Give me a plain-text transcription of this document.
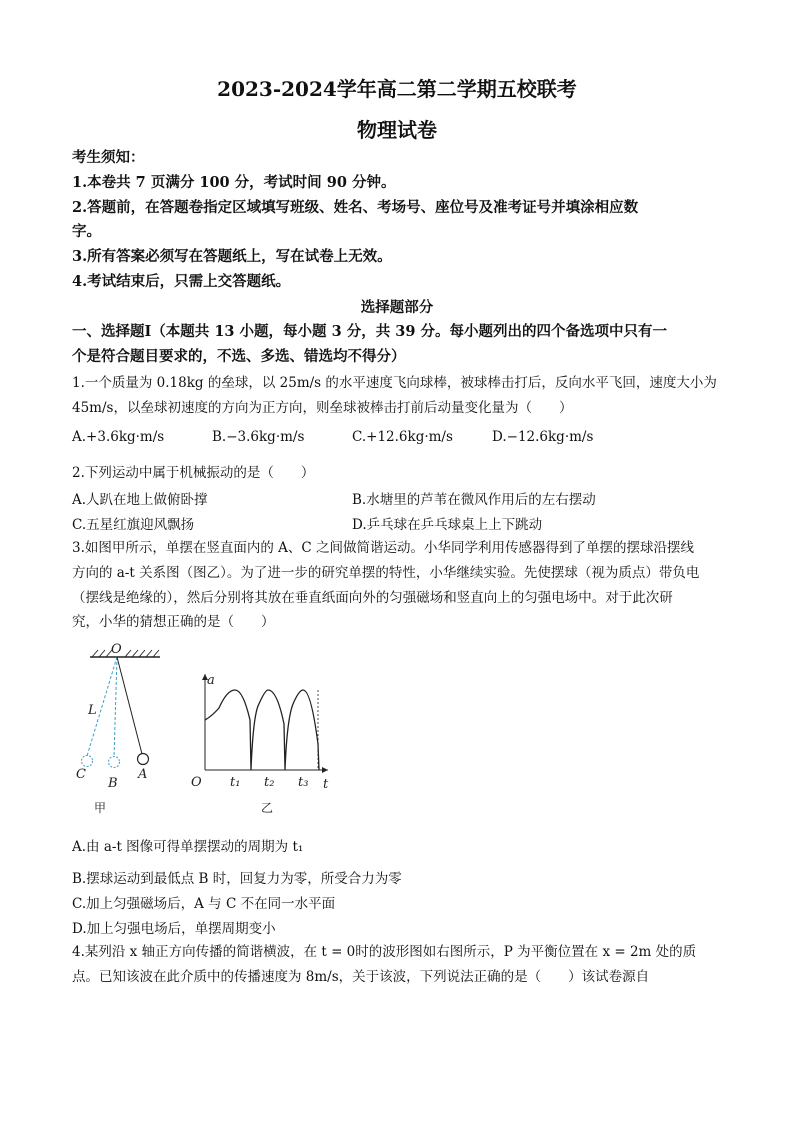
2023-2024学年高二第二学期五校联考
物理试卷
考生须知：
1.本卷共 7 页满分 100 分，考试时间 90 分钟。
2.答题前，在答题卷指定区域填写班级、姓名、考场号、座位号及准考证号并填涂相应数
字。
3.所有答案必须写在答题纸上，写在试卷上无效。
4.考试结束后，只需上交答题纸。
选择题部分
一、选择题Ⅰ（本题共 13 小题，每小题 3 分，共 39 分。每小题列出的四个备选项中只有一
个是符合题目要求的，不选、多选、错选均不得分）
1.一个质量为 0.18kg 的垒球，以 25m/s 的水平速度飞向球棒，被球棒击打后，反向水平飞回，速度大小为
45m/s，以垒球初速度的方向为正方向，则垒球被棒击打前后动量变化量为（　　）
A.+3.6kg·m/s	B.−3.6kg·m/s	C.+12.6kg·m/s	D.−12.6kg·m/s
2.下列运动中属于机械振动的是（　　）
A.人趴在地上做俯卧撑	B.水塘里的芦苇在微风作用后的左右摆动
C.五星红旗迎风飘扬	D.乒乓球在乒乓球桌上上下跳动
3.如图甲所示，单摆在竖直面内的 A、C 之间做简谐运动。小华同学利用传感器得到了单摆的摆球沿摆线
方向的 a-t 关系图（图乙）。为了进一步的研究单摆的特性，小华继续实验。先使摆球（视为质点）带负电
（摆线是绝缘的），然后分别将其放在垂直纸面向外的匀强磁场和竖直向上的匀强电场中。对于此次研
究，小华的猜想正确的是（　　）
O
L
C
B
A
甲
a
t
O t₁ t₂ t₃
乙
A.由 a-t 图像可得单摆摆动的周期为 t₁
B.摆球运动到最低点 B 时，回复力为零，所受合力为零
C.加上匀强磁场后，A 与 C 不在同一水平面
D.加上匀强电场后，单摆周期变小
4.某列沿 x 轴正方向传播的简谐横波，在 t = 0时的波形图如右图所示，P 为平衡位置在 x = 2m 处的质
点。已知该波在此介质中的传播速度为 8m/s，关于该波，下列说法正确的是（　　）该试卷源自
